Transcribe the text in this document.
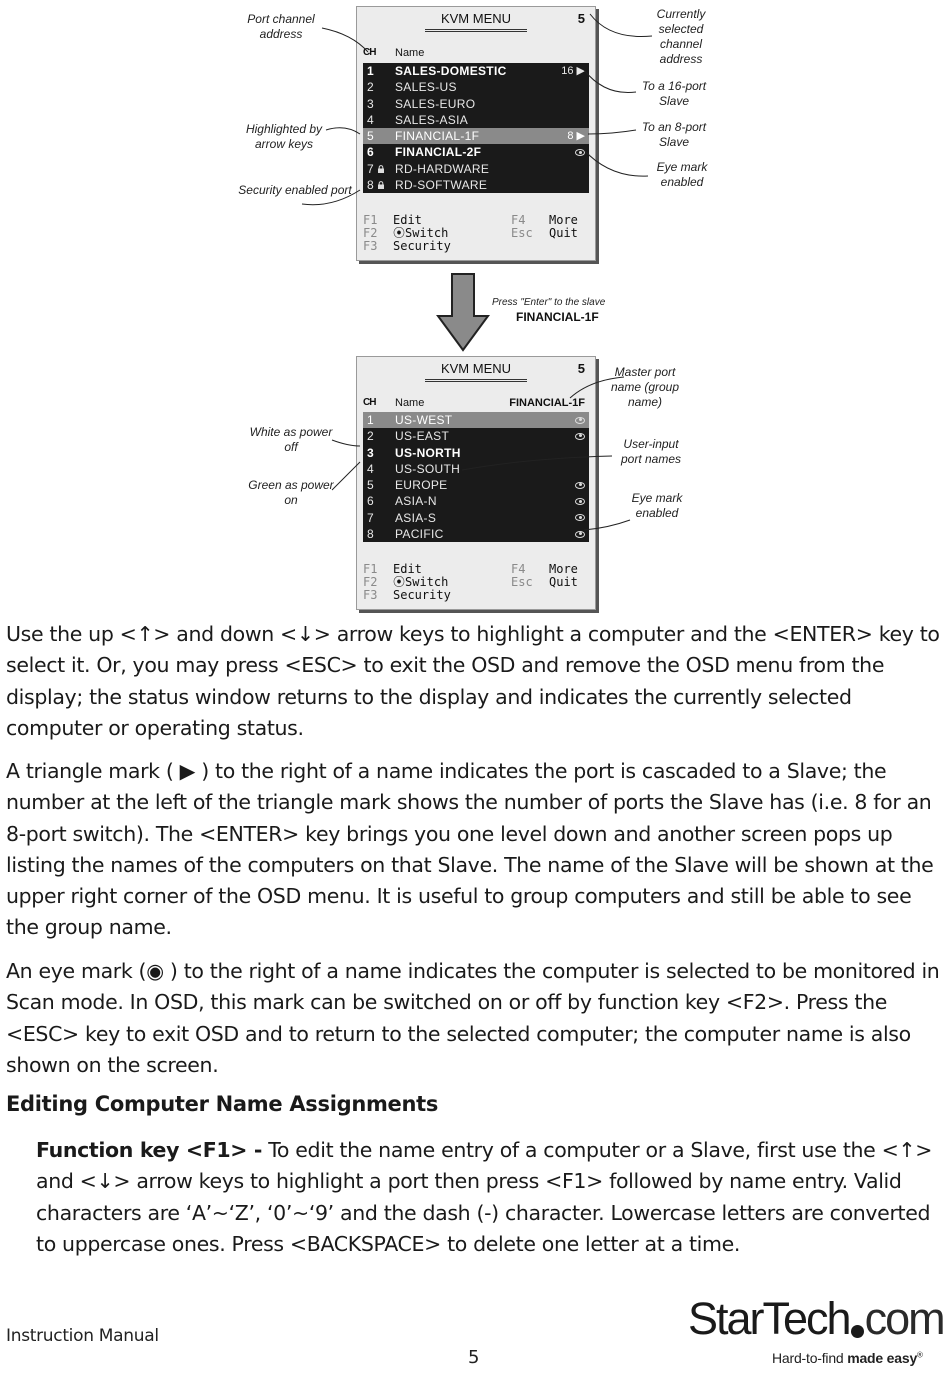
KVM MENU	5
CH Name
1 SALES-DOMESTIC	16 ▶
2 SALES-US
3 SALES-EURO
4 SALES-ASIA
5 FINANCIAL-1F	8 ▶
6 FINANCIAL-2F
7 RD-HARDWARE
8 RD-SOFTWARE
F1 Edit	F4 More
F2 ⦿Switch	Esc Quit
F3 Security
KVM MENU	5
CH Name	FINANCIAL-1F
1 US-WEST
2 US-EAST
3 US-NORTH
4 US-SOUTH
5 EUROPE
6 ASIA-N
7 ASIA-S
8 PACIFIC
F1 Edit	F4 More
F2 ⦿Switch	Esc Quit
F3 Security
Port channel address
Highlighted by arrow keys
Security enabled port
Currently selected channel address
To a 16-port Slave
To an 8-port Slave
Eye mark enabled
Press "Enter" to the slave
FINANCIAL-1F
Master port name (group name)
White as power off
Green as power on
User-input port names
Eye mark enabled

Use the up <↑> and down <↓> arrow keys to highlight a computer and the <ENTER> key to select it. Or, you may press <ESC> to exit the OSD and remove the OSD menu from the display; the status window returns to the display and indicates the currently selected computer or operating status.

A triangle mark ( ▶ ) to the right of a name indicates the port is cascaded to a Slave; the number at the left of the triangle mark shows the number of ports the Slave has (i.e. 8 for an 8-port switch). The <ENTER> key brings you one level down and another screen pops up listing the names of the computers on that Slave. The name of the Slave will be shown at the upper right corner of the OSD menu. It is useful to group computers and still be able to see the group name.

An eye mark (◉ ) to the right of a name indicates the computer is selected to be monitored in Scan mode. In OSD, this mark can be switched on or off by function key <F2>. Press the <ESC> key to exit OSD and to return to the selected computer; the computer name is also shown on the screen.

Editing Computer Name Assignments

Function key <F1> - To edit the name entry of a computer or a Slave, first use the <↑> and <↓> arrow keys to highlight a port then press <F1> followed by name entry. Valid characters are ‘A’~‘Z’, ‘0’~‘9’ and the dash (-) character. Lowercase letters are converted to uppercase ones. Press <BACKSPACE> to delete one letter at a time.

Instruction Manual
5
StarTech com
Hard-to-find made easy®
